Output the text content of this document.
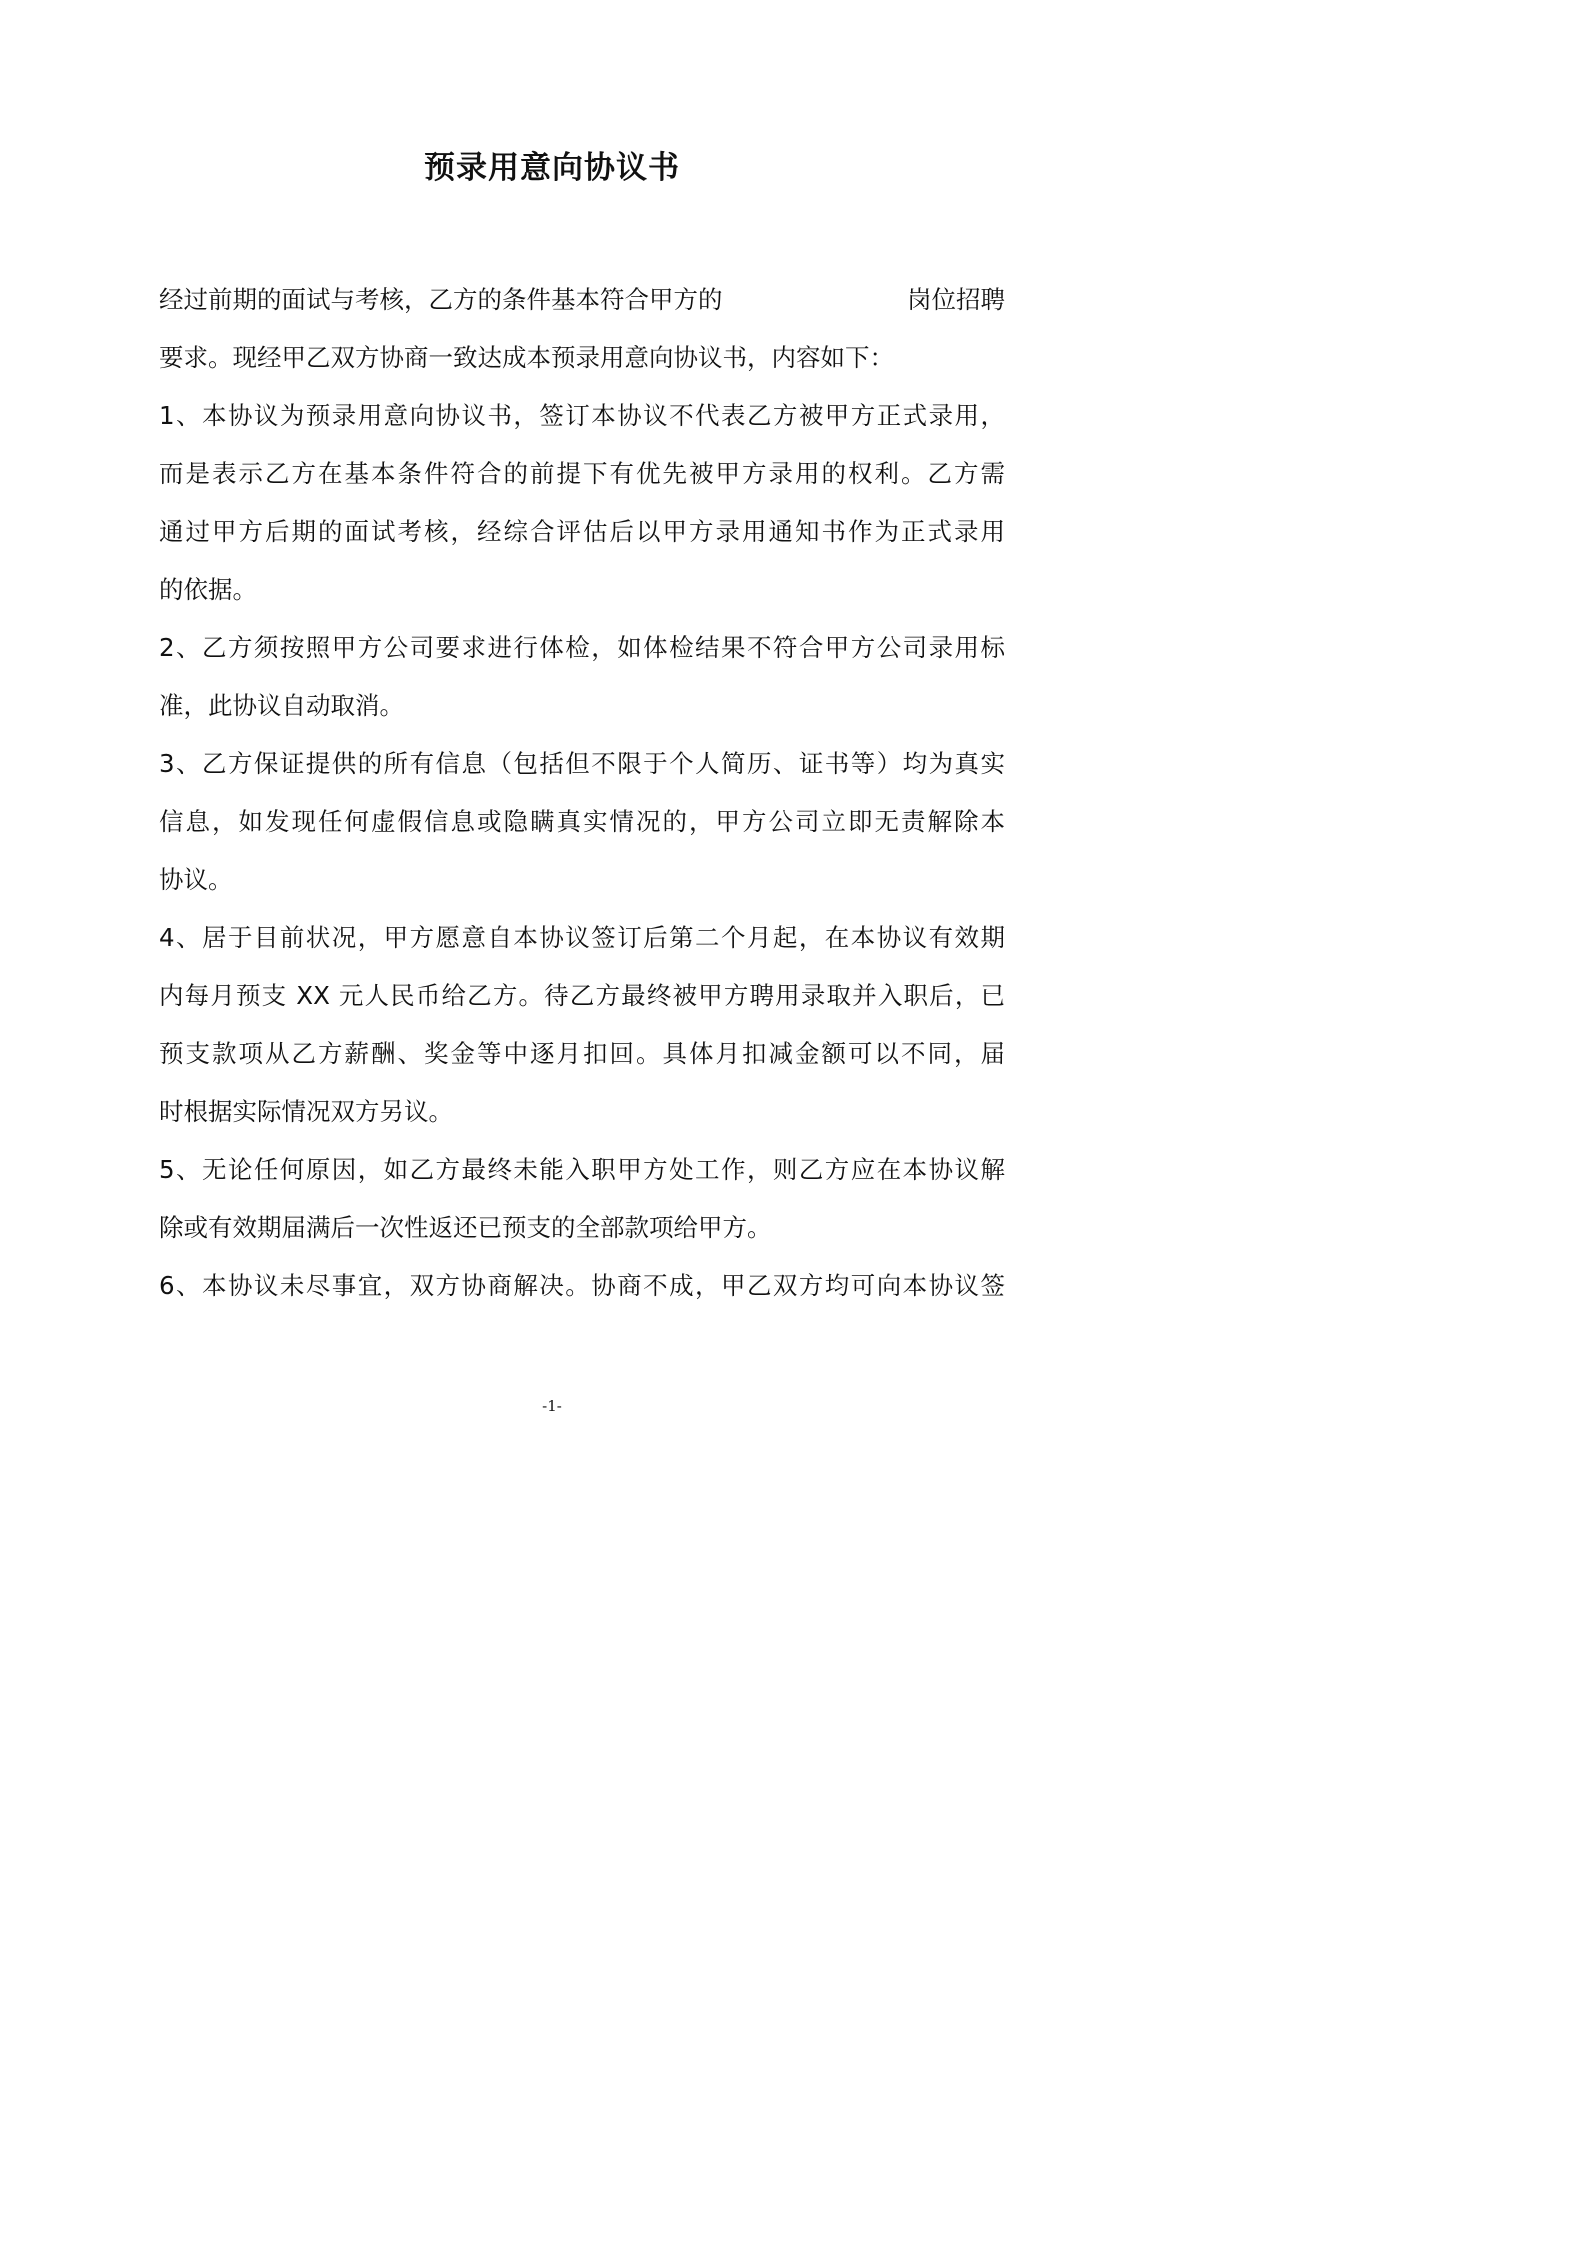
预录用意向协议书
经过前期的面试与考核，乙方的条件基本符合甲方的	岗位招聘
要求。现经甲乙双方协商一致达成本预录用意向协议书，内容如下：
1、本协议为预录用意向协议书，签订本协议不代表乙方被甲方正式录用，
而是表示乙方在基本条件符合的前提下有优先被甲方录用的权利。乙方需
通过甲方后期的面试考核，经综合评估后以甲方录用通知书作为正式录用
的依据。
2、乙方须按照甲方公司要求进行体检，如体检结果不符合甲方公司录用标
准，此协议自动取消。
3、乙方保证提供的所有信息（包括但不限于个人简历、证书等）均为真实
信息，如发现任何虚假信息或隐瞒真实情况的，甲方公司立即无责解除本
协议。
4、居于目前状况，甲方愿意自本协议签订后第二个月起，在本协议有效期
内每月预支 XX 元人民币给乙方。待乙方最终被甲方聘用录取并入职后，已
预支款项从乙方薪酬、奖金等中逐月扣回。具体月扣减金额可以不同，届
时根据实际情况双方另议。
5、无论任何原因，如乙方最终未能入职甲方处工作，则乙方应在本协议解
除或有效期届满后一次性返还已预支的全部款项给甲方。
6、本协议未尽事宜，双方协商解决。协商不成，甲乙双方均可向本协议签
-1-
